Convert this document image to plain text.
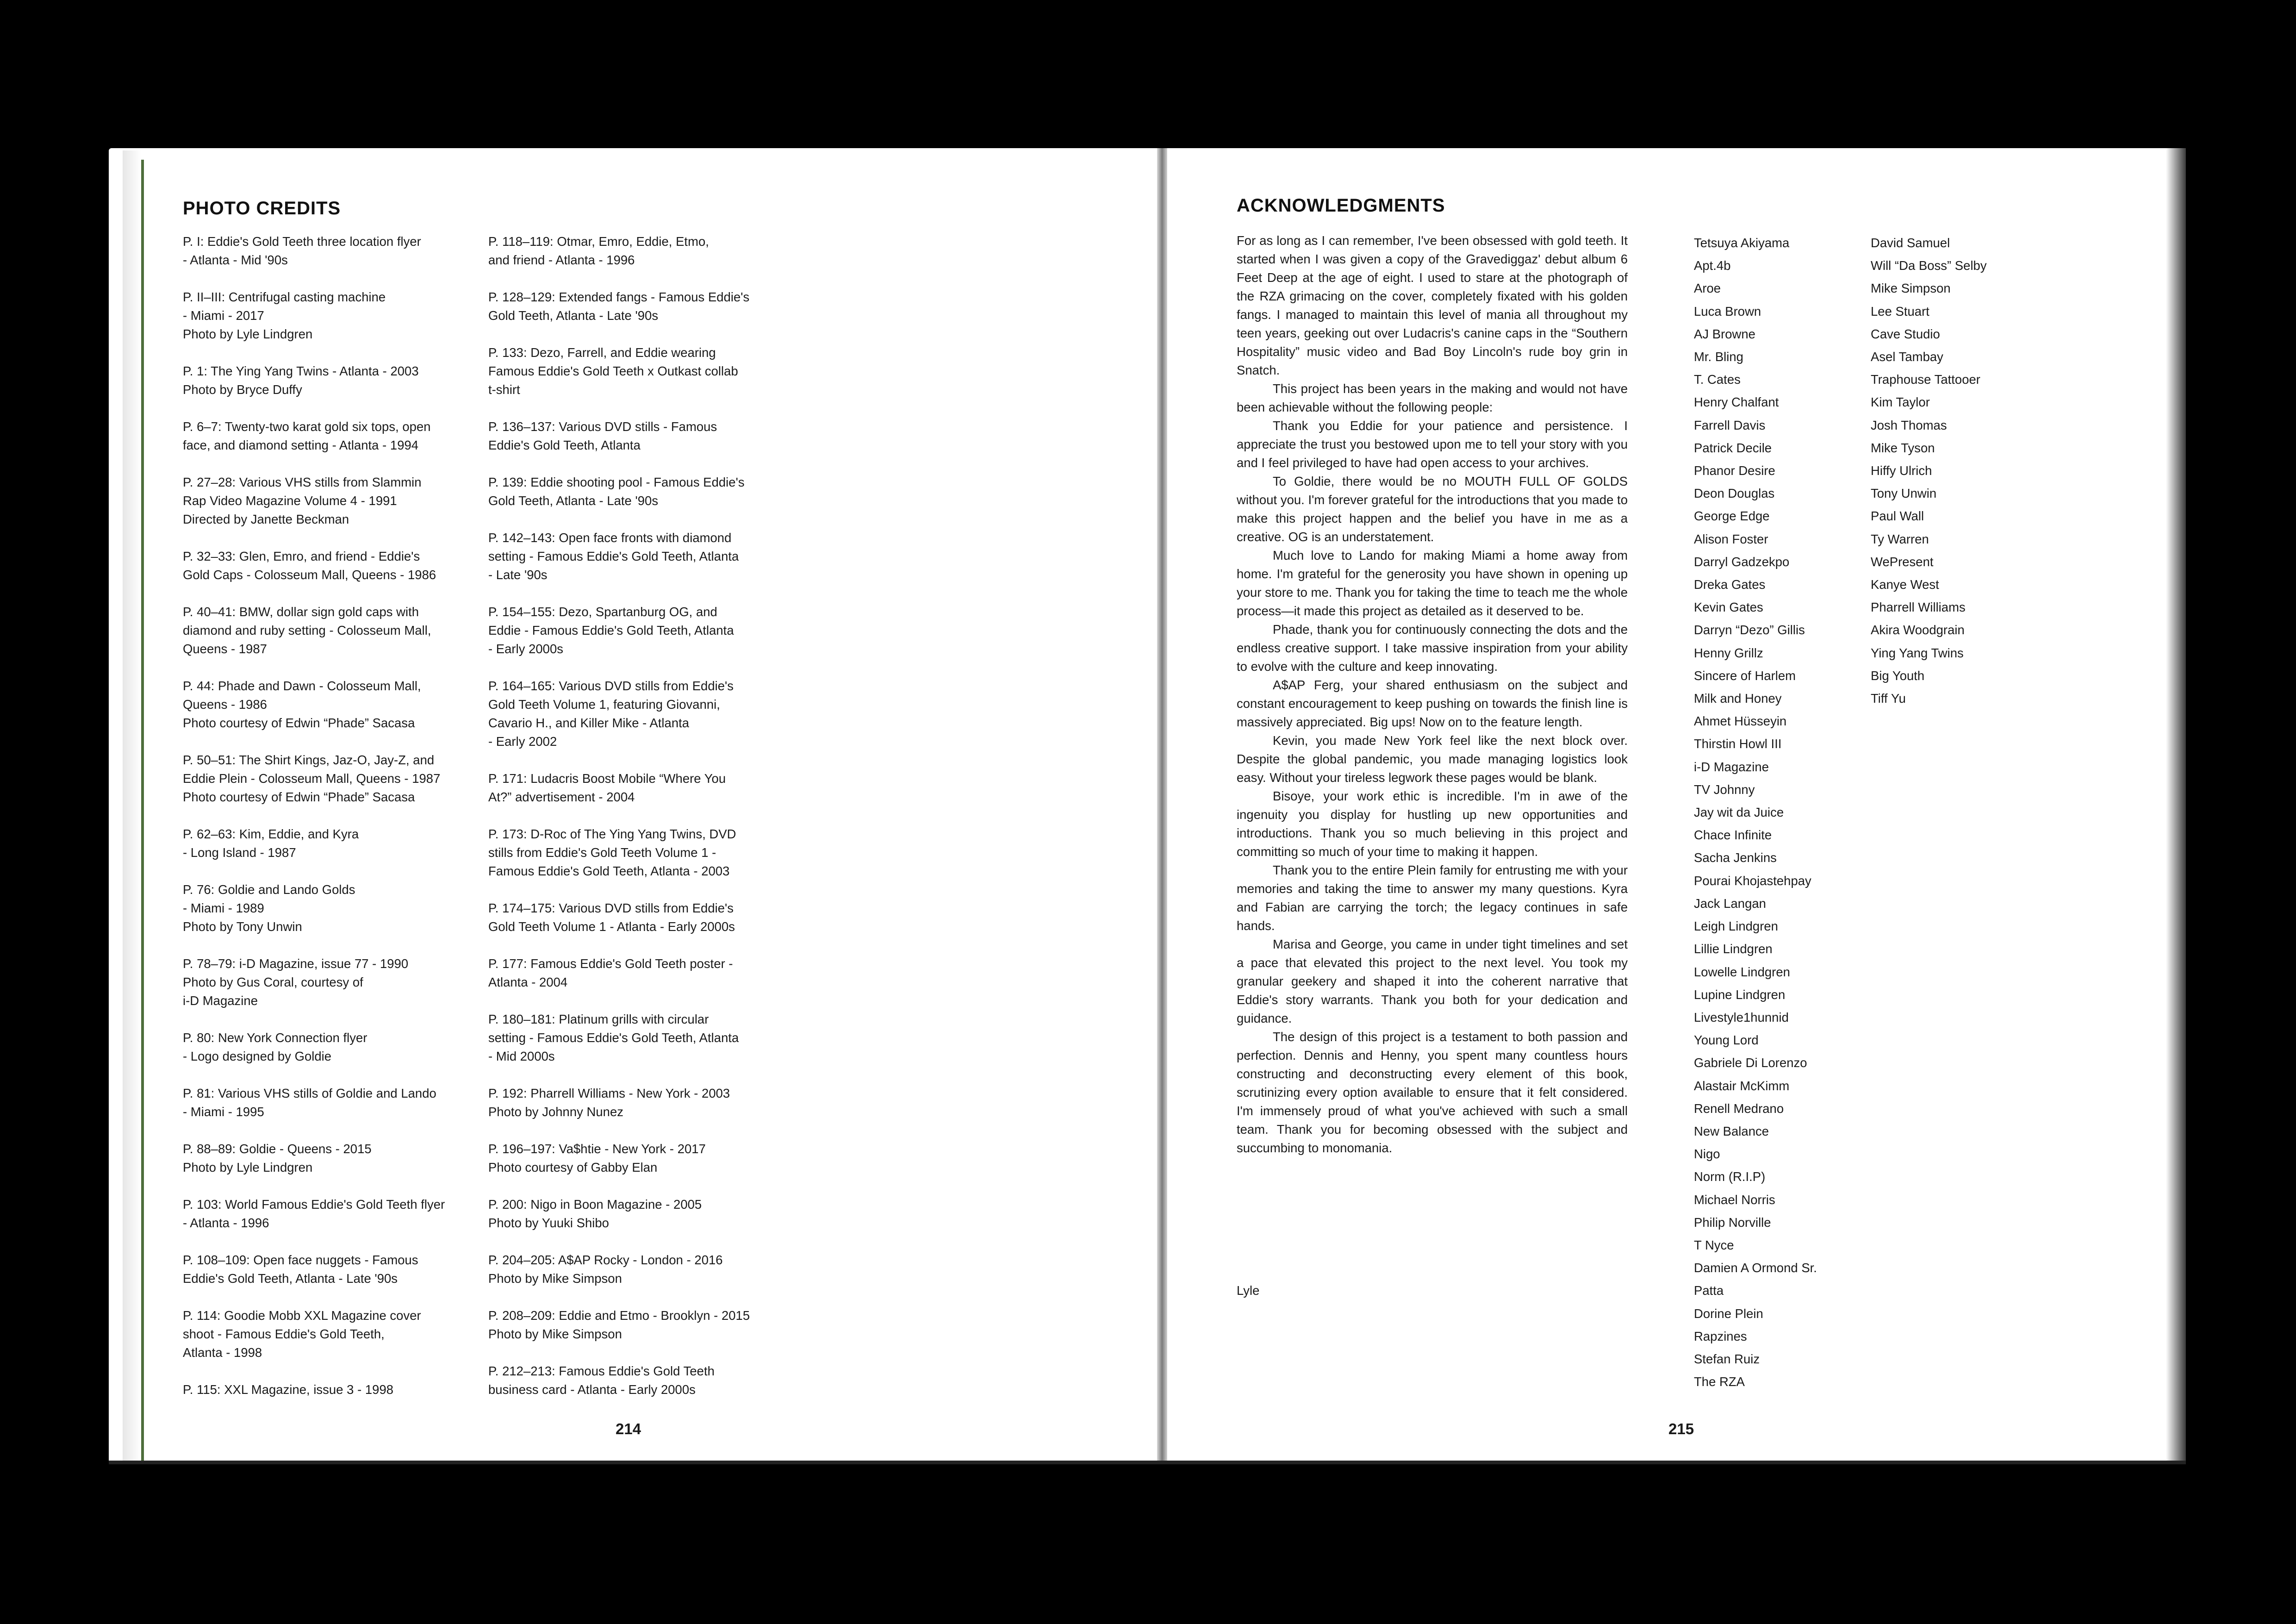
PHOTO CREDITS
P. I: Eddie's Gold Teeth three location flyer
- Atlanta - Mid '90s
P. II–III: Centrifugal casting machine
- Miami - 2017
Photo by Lyle Lindgren
P. 1: The Ying Yang Twins - Atlanta - 2003
Photo by Bryce Duffy
P. 6–7: Twenty-two karat gold six tops, open
face, and diamond setting - Atlanta - 1994
P. 27–28: Various VHS stills from Slammin
Rap Video Magazine Volume 4 - 1991
Directed by Janette Beckman
P. 32–33: Glen, Emro, and friend - Eddie's
Gold Caps - Colosseum Mall, Queens - 1986
P. 40–41: BMW, dollar sign gold caps with
diamond and ruby setting - Colosseum Mall,
Queens - 1987
P. 44: Phade and Dawn - Colosseum Mall,
Queens - 1986
Photo courtesy of Edwin “Phade” Sacasa
P. 50–51: The Shirt Kings, Jaz-O, Jay-Z, and
Eddie Plein - Colosseum Mall, Queens - 1987
Photo courtesy of Edwin “Phade” Sacasa
P. 62–63: Kim, Eddie, and Kyra
- Long Island - 1987
P. 76: Goldie and Lando Golds
- Miami - 1989
Photo by Tony Unwin
P. 78–79: i-D Magazine, issue 77 - 1990
Photo by Gus Coral, courtesy of
i-D Magazine
P. 80: New York Connection flyer
- Logo designed by Goldie
P. 81: Various VHS stills of Goldie and Lando
- Miami - 1995
P. 88–89: Goldie - Queens - 2015
Photo by Lyle Lindgren
P. 103: World Famous Eddie's Gold Teeth flyer
- Atlanta - 1996
P. 108–109: Open face nuggets - Famous
Eddie's Gold Teeth, Atlanta - Late '90s
P. 114: Goodie Mobb XXL Magazine cover
shoot - Famous Eddie's Gold Teeth,
Atlanta - 1998
P. 115: XXL Magazine, issue 3 - 1998
P. 118–119: Otmar, Emro, Eddie, Etmo,
and friend - Atlanta - 1996
P. 128–129: Extended fangs - Famous Eddie's
Gold Teeth, Atlanta - Late '90s
P. 133: Dezo, Farrell, and Eddie wearing
Famous Eddie's Gold Teeth x Outkast collab
t-shirt
P. 136–137: Various DVD stills - Famous
Eddie's Gold Teeth, Atlanta
P. 139: Eddie shooting pool - Famous Eddie's
Gold Teeth, Atlanta - Late '90s
P. 142–143: Open face fronts with diamond
setting - Famous Eddie's Gold Teeth, Atlanta
- Late '90s
P. 154–155: Dezo, Spartanburg OG, and
Eddie - Famous Eddie's Gold Teeth, Atlanta
- Early 2000s
P. 164–165: Various DVD stills from Eddie's
Gold Teeth Volume 1, featuring Giovanni,
Cavario H., and Killer Mike - Atlanta
- Early 2002
P. 171: Ludacris Boost Mobile “Where You
At?” advertisement - 2004
P. 173: D-Roc of The Ying Yang Twins, DVD
stills from Eddie's Gold Teeth Volume 1 -
Famous Eddie's Gold Teeth, Atlanta - 2003
P. 174–175: Various DVD stills from Eddie's
Gold Teeth Volume 1 - Atlanta - Early 2000s
P. 177: Famous Eddie's Gold Teeth poster -
Atlanta - 2004
P. 180–181: Platinum grills with circular
setting - Famous Eddie's Gold Teeth, Atlanta
- Mid 2000s
P. 192: Pharrell Williams - New York - 2003
Photo by Johnny Nunez
P. 196–197: Va$htie - New York - 2017
Photo courtesy of Gabby Elan
P. 200: Nigo in Boon Magazine - 2005
Photo by Yuuki Shibo
P. 204–205: A$AP Rocky - London - 2016
Photo by Mike Simpson
P. 208–209: Eddie and Etmo - Brooklyn - 2015
Photo by Mike Simpson
P. 212–213: Famous Eddie's Gold Teeth
business card - Atlanta - Early 2000s
214
ACKNOWLEDGMENTS

For as long as I can remember, I've been obsessed with gold teeth. It started when I was given a copy of the Gravediggaz' debut album 6 Feet Deep at the age of eight. I used to stare at the photograph of the RZA grimacing on the cover, completely fixated with his golden fangs. I managed to maintain this level of mania all throughout my teen years, geeking out over Ludacris's canine caps in the “Southern Hospitality” music video and Bad Boy Lincoln's rude boy grin in Snatch.

This project has been years in the making and would not have been achievable without the following people:

Thank you Eddie for your patience and persistence. I appreciate the trust you bestowed upon me to tell your story with you and I feel privileged to have had open access to your archives.

To Goldie, there would be no MOUTH FULL OF GOLDS without you. I'm forever grateful for the introductions that you made to make this project happen and the belief you have in me as a creative. OG is an understatement.

Much love to Lando for making Miami a home away from home. I'm grateful for the generosity you have shown in opening up your store to me. Thank you for taking the time to teach me the whole process—it made this project as detailed as it deserved to be.

Phade, thank you for continuously connecting the dots and the endless creative support. I take massive inspiration from your ability to evolve with the culture and keep innovating.

A$AP Ferg, your shared enthusiasm on the subject and constant encouragement to keep pushing on towards the finish line is massively appreciated. Big ups! Now on to the feature length.

Kevin, you made New York feel like the next block over. Despite the global pandemic, you made managing logistics look easy. Without your tireless legwork these pages would be blank.

Bisoye, your work ethic is incredible. I'm in awe of the ingenuity you display for hustling up new opportunities and introductions. Thank you so much believing in this project and committing so much of your time to making it happen.

Thank you to the entire Plein family for entrusting me with your memories and taking the time to answer my many questions. Kyra and Fabian are carrying the torch; the legacy continues in safe hands.

Marisa and George, you came in under tight timelines and set a pace that elevated this project to the next level. You took my granular geekery and shaped it into the coherent narrative that Eddie's story warrants. Thank you both for your dedication and guidance.

The design of this project is a testament to both passion and perfection. Dennis and Henny, you spent many countless hours constructing and deconstructing every element of this book, scrutinizing every option available to ensure that it felt considered. I'm immensely proud of what you've achieved with such a small team. Thank you for becoming obsessed with the subject and succumbing to monomania.

Lyle
Tetsuya Akiyama
Apt.4b
Aroe
Luca Brown
AJ Browne
Mr. Bling
T. Cates
Henry Chalfant
Farrell Davis
Patrick Decile
Phanor Desire
Deon Douglas
George Edge
Alison Foster
Darryl Gadzekpo
Dreka Gates
Kevin Gates
Darryn “Dezo” Gillis
Henny Grillz
Sincere of Harlem
Milk and Honey
Ahmet Hüsseyin
Thirstin Howl III
i-D Magazine
TV Johnny
Jay wit da Juice
Chace Infinite
Sacha Jenkins
Pourai Khojastehpay
Jack Langan
Leigh Lindgren
Lillie Lindgren
Lowelle Lindgren
Lupine Lindgren
Livestyle1hunnid
Young Lord
Gabriele Di Lorenzo
Alastair McKimm
Renell Medrano
New Balance
Nigo
Norm (R.I.P)
Michael Norris
Philip Norville
T Nyce
Damien A Ormond Sr.
Patta
Dorine Plein
Rapzines
Stefan Ruiz
The RZA
David Samuel
Will “Da Boss” Selby
Mike Simpson
Lee Stuart
Cave Studio
Asel Tambay
Traphouse Tattooer
Kim Taylor
Josh Thomas
Mike Tyson
Hiffy Ulrich
Tony Unwin
Paul Wall
Ty Warren
WePresent
Kanye West
Pharrell Williams
Akira Woodgrain
Ying Yang Twins
Big Youth
Tiff Yu
215
